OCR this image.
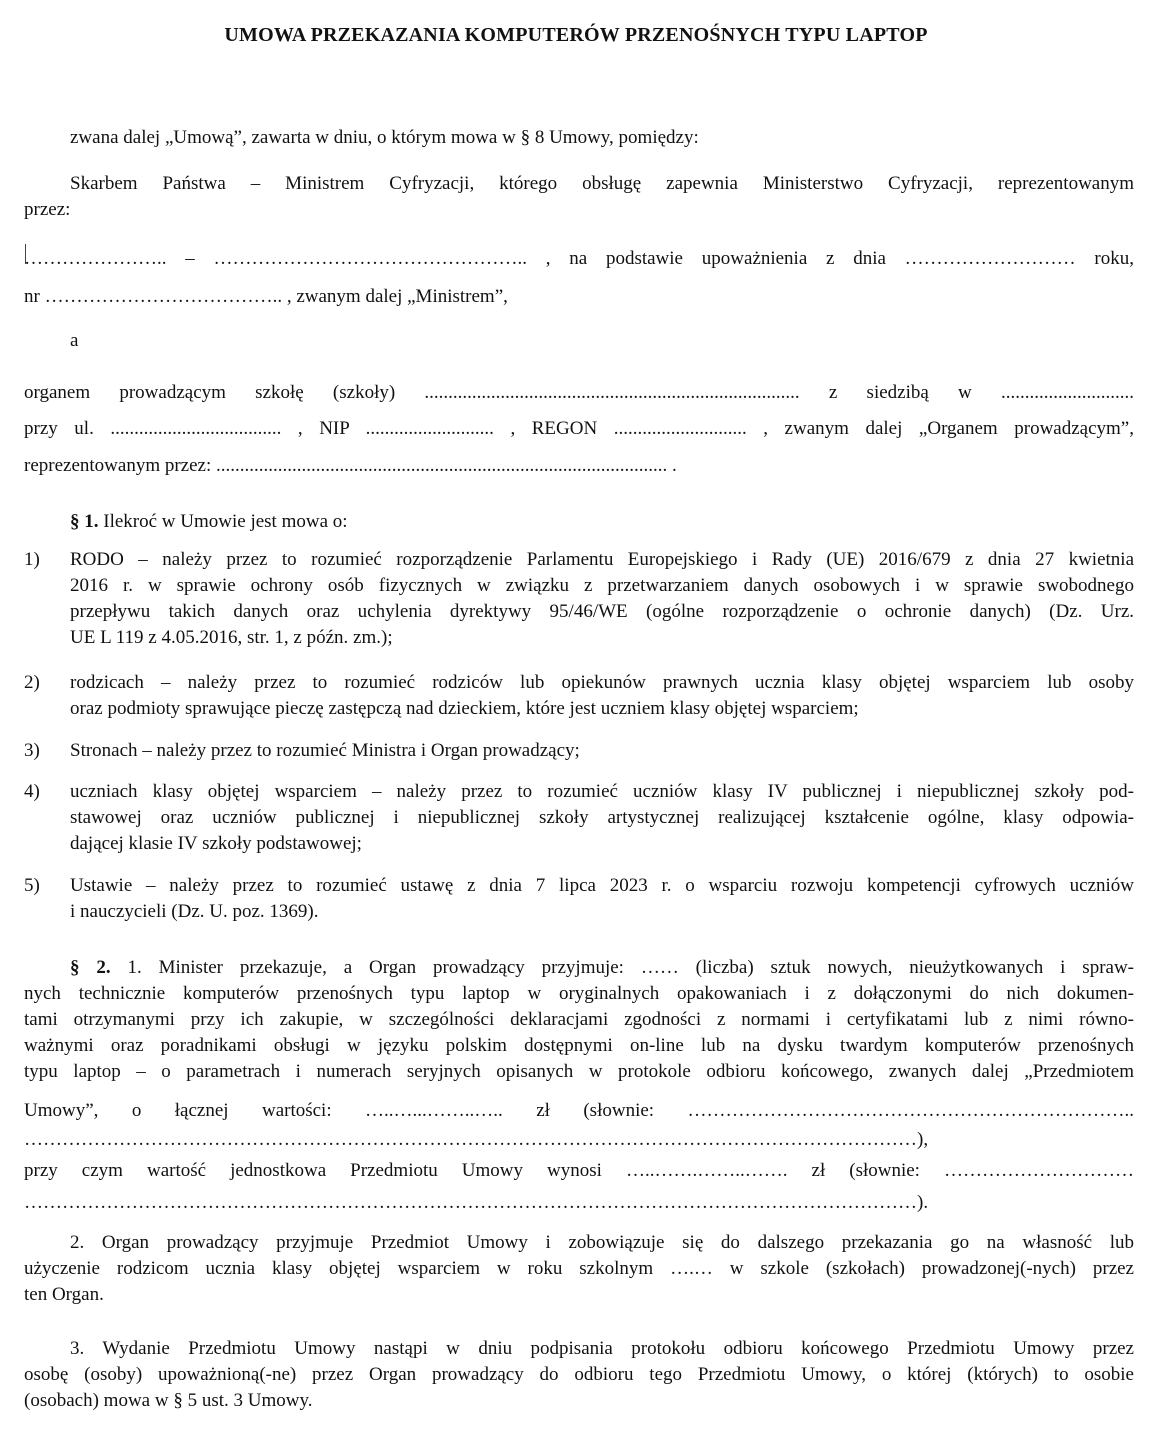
UMOWA PRZEKAZANIA KOMPUTERÓW PRZENOŚNYCH TYPU LAPTOP
zwana dalej „Umową”, zawarta w dniu, o którym mowa w § 8 Umowy, pomiędzy:
Skarbem Państwa – Ministrem Cyfryzacji, którego obsługę zapewnia Ministerstwo Cyfryzacji, reprezentowanym
przez:
………………….. – ………………………………………….. , na podstawie upoważnienia z dnia ……………………… roku,
nr ……………………………….. , zwanym dalej „Ministrem”,
a
organem prowadzącym szkołę (szkoły) ............................................................................... z siedzibą w ............................
przy ul. .................................... , NIP ........................... , REGON ............................ , zwanym dalej „Organem prowadzącym”,
reprezentowanym przez: ............................................................................................... .
§ 1. Ilekroć w Umowie jest mowa o:
1) RODO – należy przez to rozumieć rozporządzenie Parlamentu Europejskiego i Rady (UE) 2016/679 z dnia 27 kwietnia
2016 r. w sprawie ochrony osób fizycznych w związku z przetwarzaniem danych osobowych i w sprawie swobodnego
przepływu takich danych oraz uchylenia dyrektywy 95/46/WE (ogólne rozporządzenie o ochronie danych) (Dz. Urz.
UE L 119 z 4.05.2016, str. 1, z późn. zm.);
2) rodzicach – należy przez to rozumieć rodziców lub opiekunów prawnych ucznia klasy objętej wsparciem lub osoby
oraz podmioty sprawujące pieczę zastępczą nad dzieckiem, które jest uczniem klasy objętej wsparciem;
3) Stronach – należy przez to rozumieć Ministra i Organ prowadzący;
4) uczniach klasy objętej wsparciem – należy przez to rozumieć uczniów klasy IV publicznej i niepublicznej szkoły pod-
stawowej oraz uczniów publicznej i niepublicznej szkoły artystycznej realizującej kształcenie ogólne, klasy odpowia-
dającej klasie IV szkoły podstawowej;
5) Ustawie – należy przez to rozumieć ustawę z dnia 7 lipca 2023 r. o wsparciu rozwoju kompetencji cyfrowych uczniów
i nauczycieli (Dz. U. poz. 1369).
§ 2. 1. Minister przekazuje, a Organ prowadzący przyjmuje: …… (liczba) sztuk nowych, nieużytkowanych i spraw-
nych technicznie komputerów przenośnych typu laptop w oryginalnych opakowaniach i z dołączonymi do nich dokumen-
tami otrzymanymi przy ich zakupie, w szczególności deklaracjami zgodności z normami i certyfikatami lub z nimi równo-
ważnymi oraz poradnikami obsługi w języku polskim dostępnymi on-line lub na dysku twardym komputerów przenośnych
typu laptop – o parametrach i numerach seryjnych opisanych w protokole odbioru końcowego, zwanych dalej „Przedmiotem
Umowy”, o łącznej wartości: …..…...……..….. zł (słownie: ……………………………………………………………..
……………………………………………………………………………………………………………………………),
przy czym wartość jednostkowa Przedmiotu Umowy wynosi …..…….……..……. zł (słownie: …………………………
……………………………………………………………………………………………………………………………).
2. Organ prowadzący przyjmuje Przedmiot Umowy i zobowiązuje się do dalszego przekazania go na własność lub
użyczenie rodzicom ucznia klasy objętej wsparciem w roku szkolnym ….… w szkole (szkołach) prowadzonej(-nych) przez
ten Organ.
3. Wydanie Przedmiotu Umowy nastąpi w dniu podpisania protokołu odbioru końcowego Przedmiotu Umowy przez
osobę (osoby) upoważnioną(-ne) przez Organ prowadzący do odbioru tego Przedmiotu Umowy, o której (których) to osobie
(osobach) mowa w § 5 ust. 3 Umowy.
